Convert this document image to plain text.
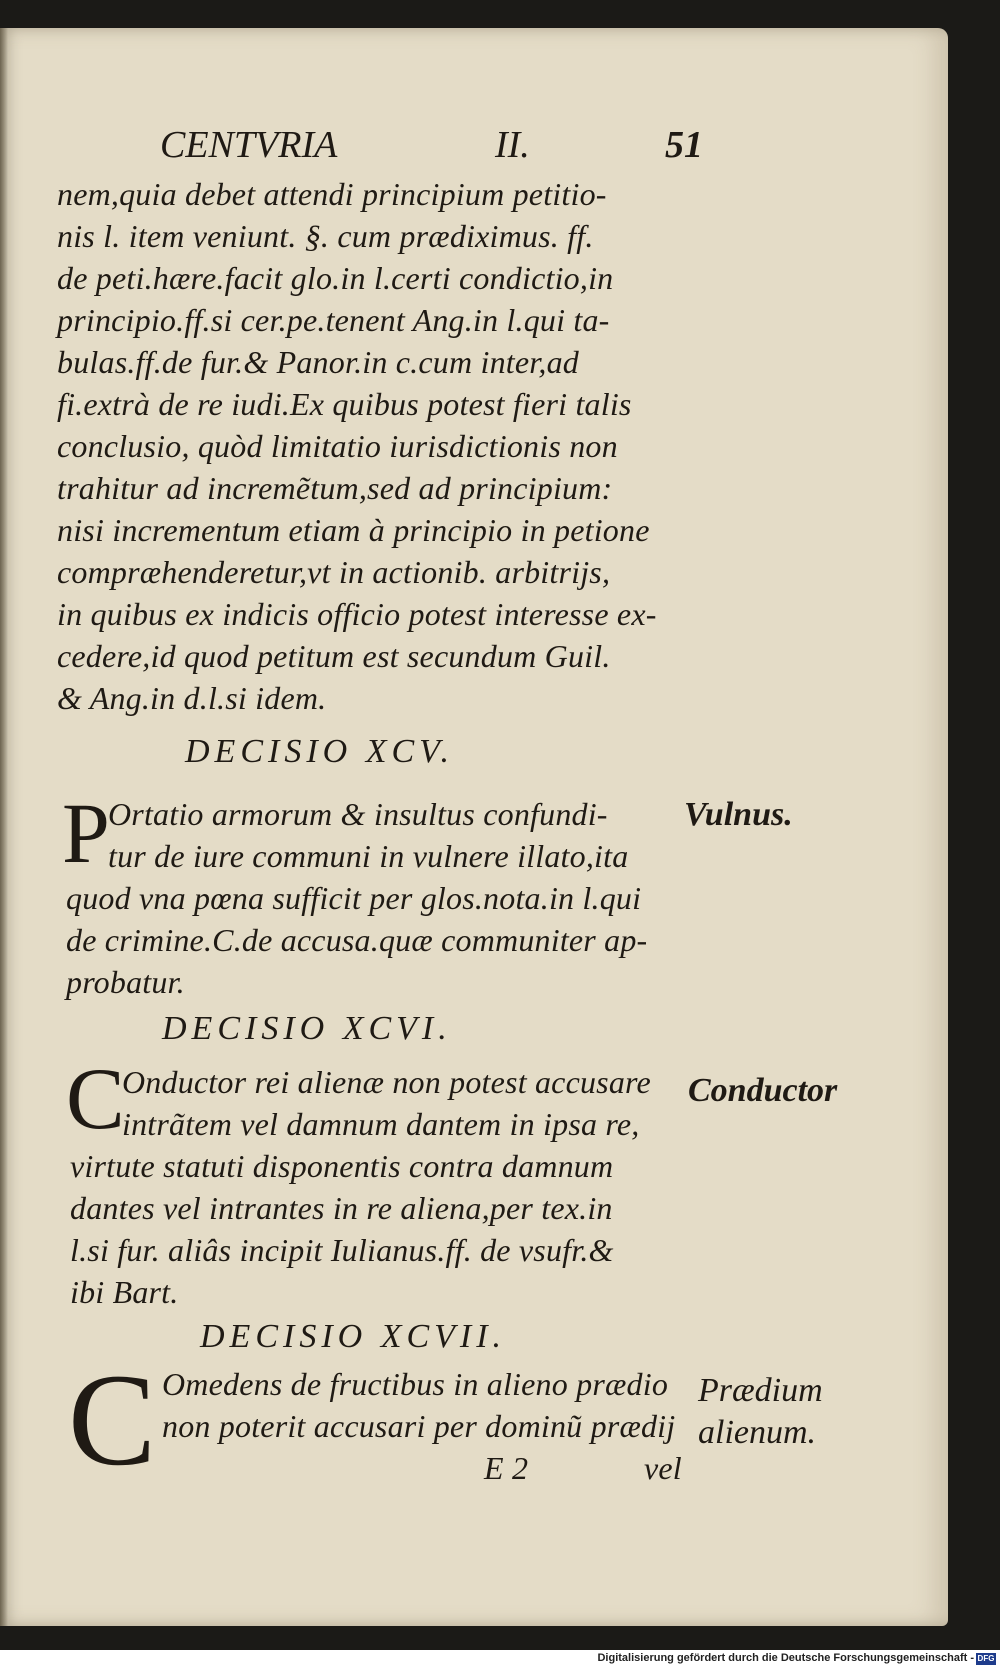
CENTVRIA	II.	51
nem,quia debet attendi principium petitio-
nis l. item veniunt. §. cum prædiximus. ff.
de peti.hære.facit glo.in l.certi condictio,in
principio.ff.si cer.pe.tenent Ang.in l.qui ta-
bulas.ff.de fur.& Panor.in c.cum inter,ad
fi.extrà de re iudi.Ex quibus potest fieri talis
conclusio, quòd limitatio iurisdictionis non
trahitur ad incremẽtum,sed ad principium:
nisi incrementum etiam à principio in petione
compræhenderetur,vt in actionib. arbitrijs,
in quibus ex indicis officio potest interesse ex-
cedere,id quod petitum est secundum Guil.
& Ang.in d.l.si idem.
DECISIO XCV.
P
Ortatio armorum & insultus confundi-
tur de iure communi in vulnere illato,ita
quod vna pœna sufficit per glos.nota.in l.qui
de crimine.C.de accusa.quæ communiter ap-
probatur.
Vulnus.
DECISIO XCVI.
C
Onductor rei alienæ non potest accusare
intrãtem vel damnum dantem in ipsa re,
virtute statuti disponentis contra damnum
dantes vel intrantes in re aliena,per tex.in
l.si fur. aliâs incipit Iulianus.ff. de vsufr.&
ibi Bart.
Conductor
DECISIO XCVII.
C Omedens de fructibus in alieno prædio
non poterit accusari per dominũ prædij
Prædium
alienum.
E 2	vel
Digitalisierung gefördert durch die Deutsche Forschungsgemeinschaft - DFG
